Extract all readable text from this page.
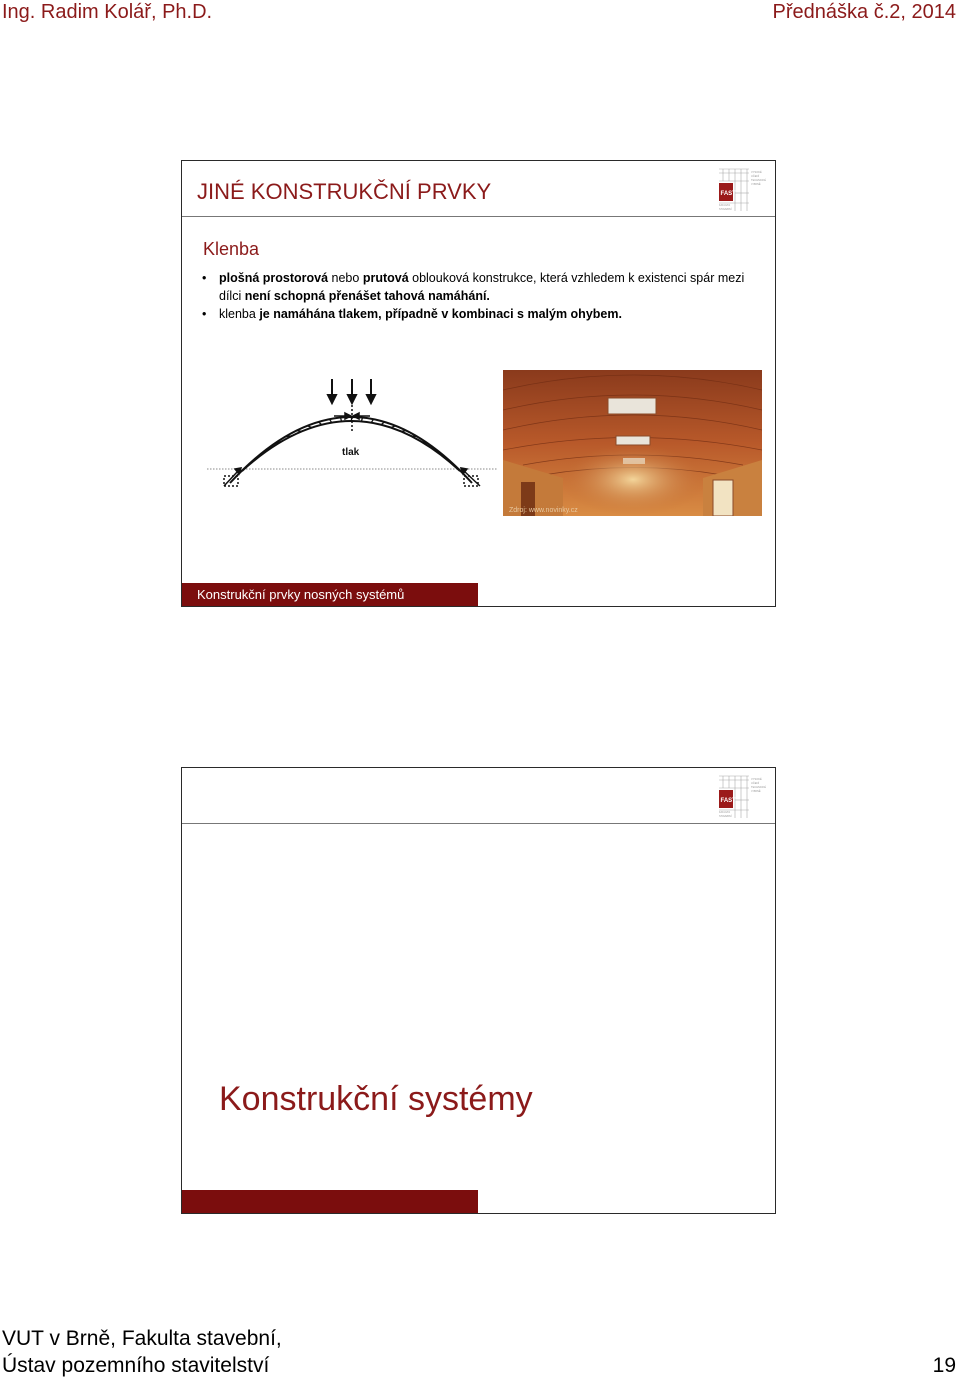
Ing. Radim Kolář, Ph.D.	Přednáška č.2, 2014
JINÉ KONSTRUKČNÍ PRVKY	FAST
VYSOKÉ
UČENÍ
TECHNICKÉ
V BRNĚ
FAKULTA
STAVEBNÍ
Klenba
• plošná prostorová nebo prutová oblouková konstrukce, která vzhledem k existenci spár mezi dílci není schopná přenášet tahová namáhání.
• klenba je namáhána tlakem, případně v kombinaci s malým ohybem.
tlak
Zdroj: www.novinky.cz
Konstrukční prvky nosných systémů
FAST
VYSOKÉ
UČENÍ
TECHNICKÉ
V BRNĚ
FAKULTA
STAVEBNÍ
Konstrukční systémy
VUT v Brně, Fakulta stavební,
Ústav pozemního stavitelství	19
